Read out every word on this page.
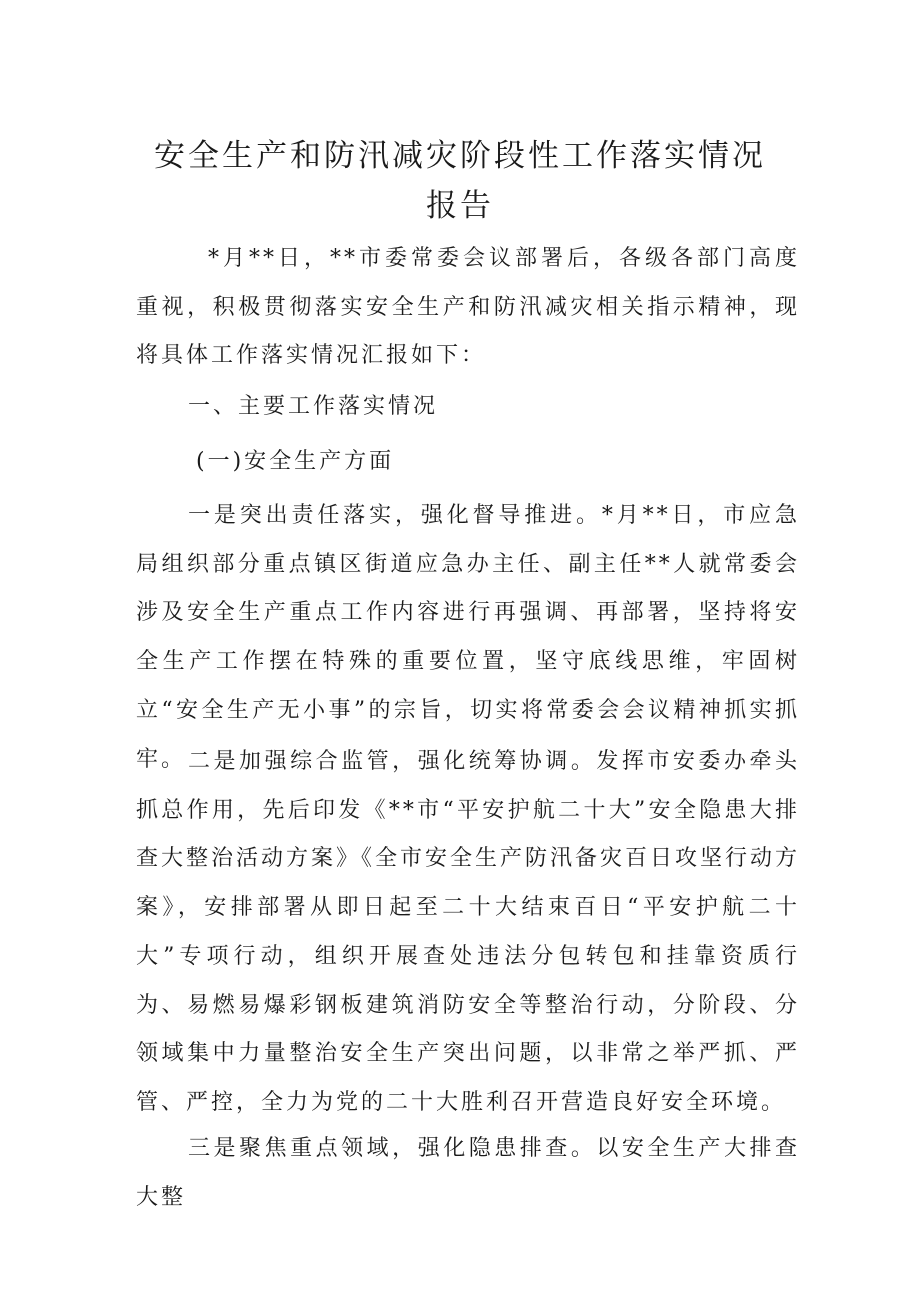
安全生产和防汛减灾阶段性工作落实情况
报告
*月**日，**市委常委会议部署后，各级各部门高度重视，积极贯彻落实安全生产和防汛减灾相关指示精神，现将具体工作落实情况汇报如下：
一、主要工作落实情况
(一)安全生产方面
一是突出责任落实，强化督导推进。*月**日，市应急局组织部分重点镇区街道应急办主任、副主任**人就常委会涉及安全生产重点工作内容进行再强调、再部署，坚持将安全生产工作摆在特殊的重要位置，坚守底线思维，牢固树立“安全生产无小事”的宗旨，切实将常委会会议精神抓实抓牢。 二是加强综合监管，强化统筹协调。发挥市安委办牵头抓总作用，先后印发《**市“平安护航二十大”安全隐患大排查大整治活动方案》《全市安全生产防汛备灾百日攻坚行动方案》，安排部署从即日起至二十大结束百日“平安护航二十大”专项行动，组织开展查处违法分包转包和挂靠资质行为、易燃易爆彩钢板建筑消防安全等整治行动，分阶段、分领域集中力量整治安全生产突出问题，以非常之举严抓、严管、严控，全力为党的二十大胜利召开营造良好安全环境。
三是聚焦重点领域，强化隐患排查。以安全生产大排查大整
